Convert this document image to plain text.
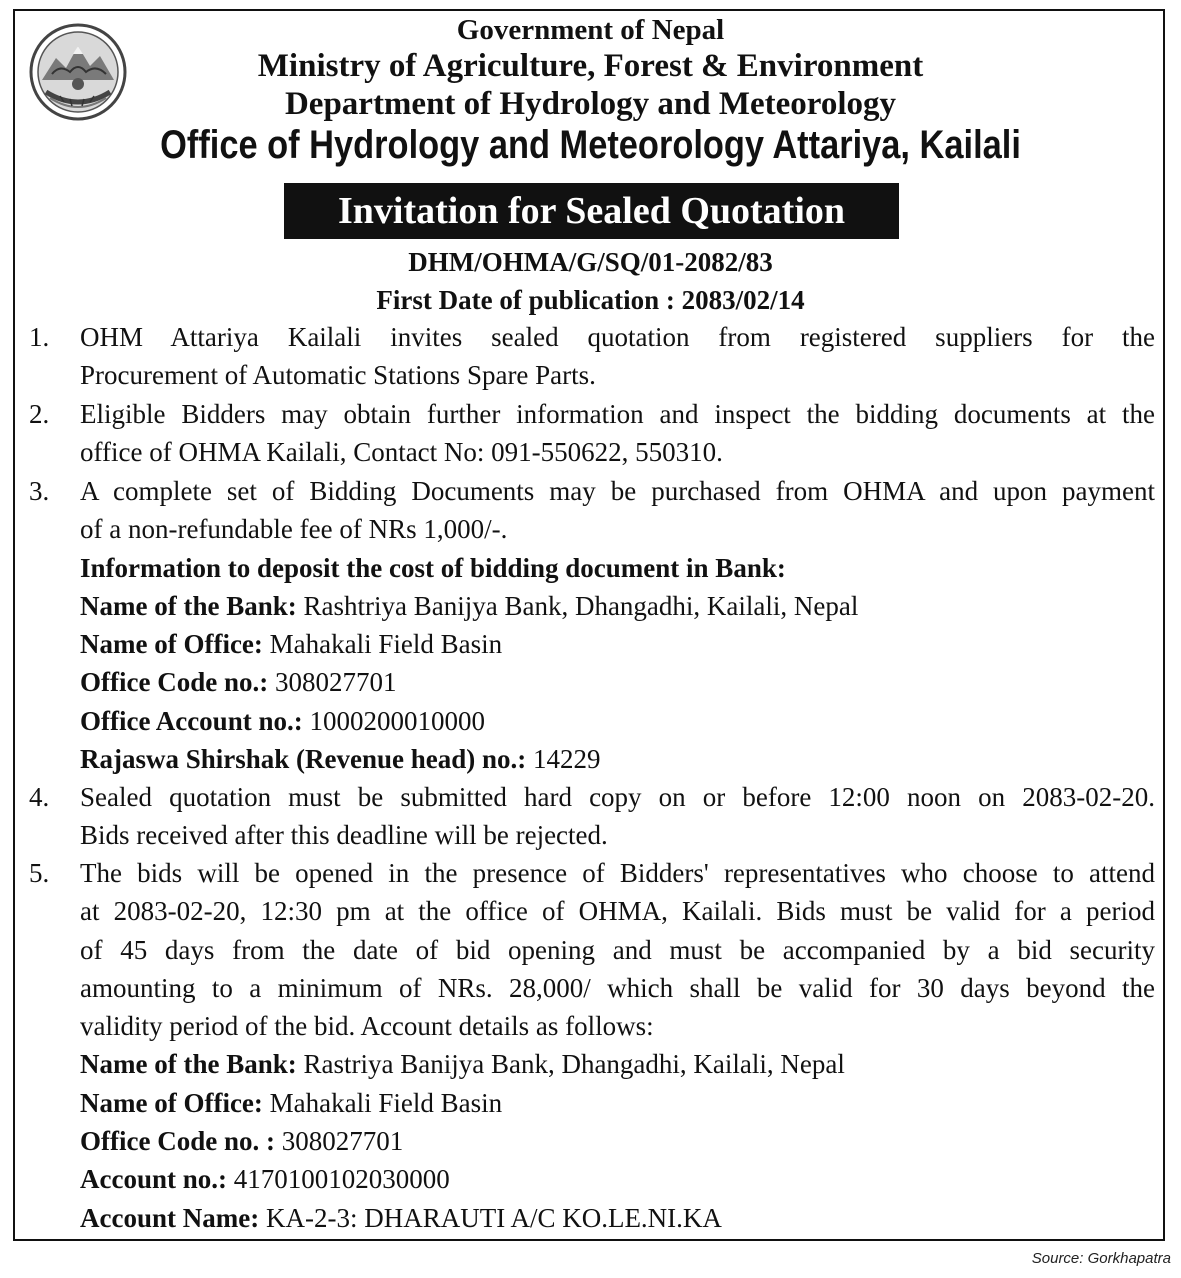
Government of Nepal
Ministry of Agriculture, Forest & Environment
Department of Hydrology and Meteorology
Office of Hydrology and Meteorology Attariya, Kailali
Invitation for Sealed Quotation
DHM/OHMA/G/SQ/01-2082/83
First Date of publication : 2083/02/14
1. OHM Attariya Kailali invites sealed quotation from registered suppliers for the
Procurement of Automatic Stations Spare Parts.
2. Eligible Bidders may obtain further information and inspect the bidding documents at the
office of OHMA Kailali, Contact No: 091-550622, 550310.
3. A complete set of Bidding Documents may be purchased from OHMA and upon payment
of a non-refundable fee of NRs 1,000/-.
Information to deposit the cost of bidding document in Bank:
Name of the Bank: Rashtriya Banijya Bank, Dhangadhi, Kailali, Nepal
Name of Office: Mahakali Field Basin
Office Code no.: 308027701
Office Account no.: 1000200010000
Rajaswa Shirshak (Revenue head) no.: 14229
4. Sealed quotation must be submitted hard copy on or before 12:00 noon on 2083-02-20.
Bids received after this deadline will be rejected.
5. The bids will be opened in the presence of Bidders' representatives who choose to attend
at 2083-02-20, 12:30 pm at the office of OHMA, Kailali. Bids must be valid for a period
of 45 days from the date of bid opening and must be accompanied by a bid security
amounting to a minimum of NRs. 28,000/ which shall be valid for 30 days beyond the
validity period of the bid. Account details as follows:
Name of the Bank: Rastriya Banijya Bank, Dhangadhi, Kailali, Nepal
Name of Office: Mahakali Field Basin
Office Code no. : 308027701
Account no.: 4170100102030000
Account Name: KA-2-3: DHARAUTI A/C KO.LE.NI.KA
Source: Gorkhapatra
